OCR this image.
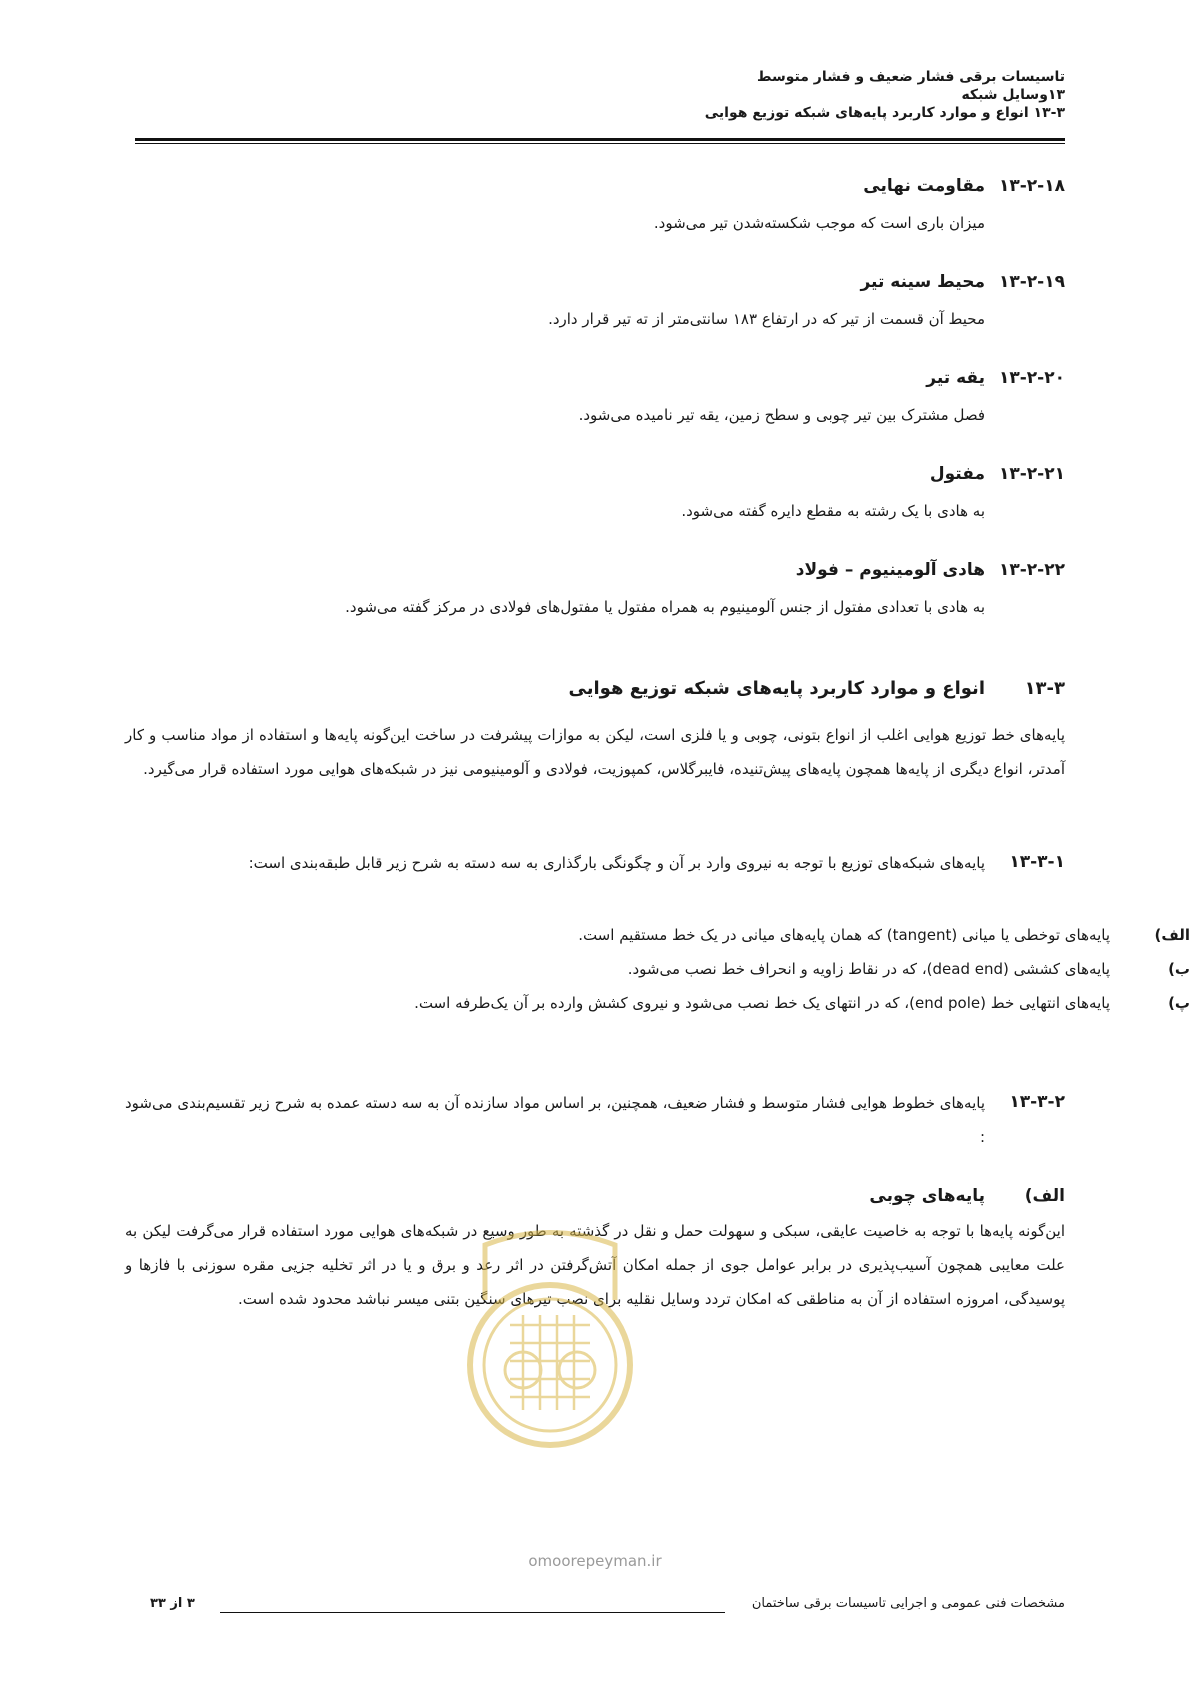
تاسیسات برقی فشار ضعیف و فشار متوسط
۱۳وسایل شبکه
۱۳-۳ انواع و موارد کاربرد پایه‌های شبکه توزیع هوایی
۱۳-۲-۱۸
مقاومت نهایی
میزان باری است که موجب شکسته‌شدن تیر می‌شود.
۱۳-۲-۱۹
محیط سینه تیر
محیط آن قسمت از تیر که در ارتفاع ۱۸۳ سانتی‌متر از ته تیر قرار دارد.
۱۳-۲-۲۰
یقه تیر
فصل مشترک بین تیر چوبی و سطح زمین، یقه تیر نامیده می‌شود.
۱۳-۲-۲۱
مفتول
به هادی با یک رشته به مقطع دایره گفته می‌شود.
۱۳-۲-۲۲
هادی آلومینیوم – فولاد
به هادی با تعدادی مفتول از جنس آلومینیوم به همراه مفتول یا مفتول‌های فولادی در مرکز گفته می‌شود.
۱۳-۳
انواع و موارد کاربرد پایه‌های شبکه توزیع هوایی
پایه‌های خط توزیع هوایی اغلب از انواع بتونی، چوبی و یا فلزی است، لیکن به موازات پیشرفت در ساخت این‌گونه پایه‌ها و استفاده از مواد مناسب و کار آمدتر، انواع دیگری از پایه‌ها همچون پایه‌های پیش‌تنیده، فایبرگلاس، کمپوزیت، فولادی و آلومینیومی نیز در شبکه‌های هوایی مورد استفاده قرار می‌گیرد.
۱۳-۳-۱
پایه‌های شبکه‌های توزیع با توجه به نیروی وارد بر آن و چگونگی بارگذاری به سه دسته به شرح زیر قابل طبقه‌بندی است:
الف)
پایه‌های توخطی یا میانی (tangent) که همان پایه‌های میانی در یک خط مستقیم است.
ب)
پایه‌های کششی (dead end)، که در نقاط زاویه و انحراف خط نصب می‌شود.
پ)
پایه‌های انتهایی خط (end pole)، که در انتهای یک خط نصب می‌شود و نیروی کشش وارده بر آن یک‌طرفه است.
۱۳-۳-۲
پایه‌های خطوط هوایی فشار متوسط و فشار ضعیف، همچنین، بر اساس مواد سازنده آن به سه دسته عمده به شرح زیر تقسیم‌بندی می‌شود :
الف)
پایه‌های چوبی
این‌گونه پایه‌ها با توجه به خاصیت عایقی، سبکی و سهولت حمل و نقل در گذشته به طور وسیع در شبکه‌های هوایی مورد استفاده قرار می‌گرفت لیکن به علت معایبی همچون آسیب‌پذیری در برابر عوامل جوی از جمله امکان آتش‌گرفتن در اثر رعد و برق و یا در اثر تخلیه جزیی مقره سوزنی با فازها و پوسیدگی، امروزه استفاده از آن به مناطقی که امکان تردد وسایل نقلیه برای نصب تیرهای سنگین بتنی میسر نباشد محدود شده است.
omoorepeyman.ir
مشخصات فنی عمومی و اجرایی تاسیسات برقی ساختمان
۳ از ۳۳
